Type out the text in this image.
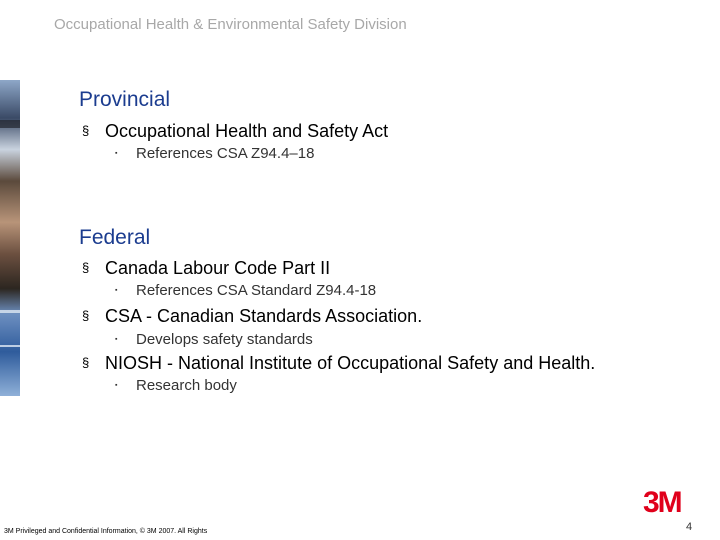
Occupational Health & Environmental Safety Division
Provincial
§ Occupational Health and Safety Act
▪ References CSA Z94.4–18
Federal
§ Canada Labour Code Part II
▪ References CSA Standard Z94.4-18
§ CSA - Canadian Standards Association.
▪ Develops safety standards
§ NIOSH - National Institute of Occupational Safety and Health.
▪ Research body
3M
3M Privileged and Confidential Information, © 3M 2007. All Rights	4
